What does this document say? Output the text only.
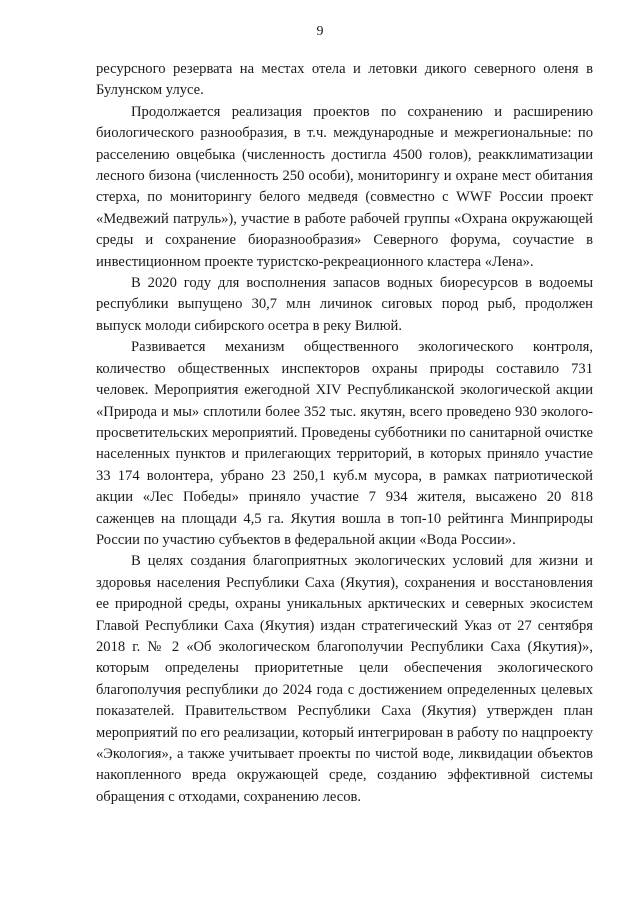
9

ресурсного резервата на местах отела и летовки дикого северного оленя в Булунском улусе.

Продолжается реализация проектов по сохранению и расширению биологического разнообразия, в т.ч. международные и межрегиональные: по расселению овцебыка (численность достигла 4500 голов), реакклиматизации лесного бизона (численность 250 особи), мониторингу и охране мест обитания стерха, по мониторингу белого медведя (совместно с WWF России проект «Медвежий патруль»), участие в работе рабочей группы «Охрана окружающей среды и сохранение биоразнообразия» Северного форума, соучастие в инвестиционном проекте туристско-рекреационного кластера «Лена».

В 2020 году для восполнения запасов водных биоресурсов в водоемы республики выпущено 30,7 млн личинок сиговых пород рыб, продолжен выпуск молоди сибирского осетра в реку Вилюй.

Развивается механизм общественного экологического контроля, количество общественных инспекторов охраны природы составило 731 человек. Мероприятия ежегодной XIV Республиканской экологической акции «Природа и мы» сплотили более 352 тыс. якутян, всего проведено 930 эколого-просветительских мероприятий. Проведены субботники по санитарной очистке населенных пунктов и прилегающих территорий, в которых приняло участие 33 174 волонтера, убрано 23 250,1 куб.м мусора, в рамках патриотической акции «Лес Победы» приняло участие 7 934 жителя, высажено 20 818 саженцев на площади 4,5 га. Якутия вошла в топ-10 рейтинга Минприроды России по участию субъектов в федеральной акции «Вода России».

В целях создания благоприятных экологических условий для жизни и здоровья населения Республики Саха (Якутия), сохранения и восстановления ее природной среды, охраны уникальных арктических и северных экосистем Главой Республики Саха (Якутия) издан стратегический Указ от 27 сентября 2018 г. № 2 «Об экологическом благополучии Республики Саха (Якутия)», которым определены приоритетные цели обеспечения экологического благополучия республики до 2024 года с достижением определенных целевых показателей. Правительством Республики Саха (Якутия) утвержден план мероприятий по его реализации, который интегрирован в работу по нацпроекту «Экология», а также учитывает проекты по чистой воде, ликвидации объектов накопленного вреда окружающей среде, созданию эффективной системы обращения с отходами, сохранению лесов.
